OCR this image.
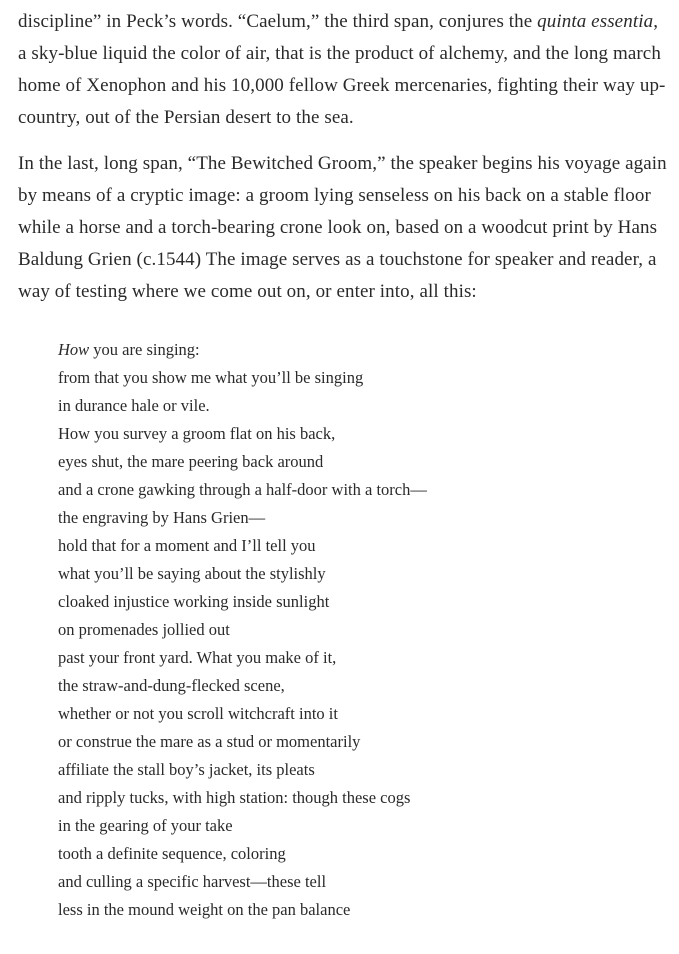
discipline” in Peck’s words. “Caelum,” the third span, conjures the quinta essentia, a sky-blue liquid the color of air, that is the product of alchemy, and the long march home of Xenophon and his 10,000 fellow Greek mercenaries, fighting their way up-country, out of the Persian desert to the sea.

In the last, long span, “The Bewitched Groom,” the speaker begins his voyage again by means of a cryptic image: a groom lying senseless on his back on a stable floor while a horse and a torch-bearing crone look on, based on a woodcut print by Hans Baldung Grien (c.1544) The image serves as a touchstone for speaker and reader, a way of testing where we come out on, or enter into, all this:

How you are singing:
from that you show me what you’ll be singing
in durance hale or vile.
How you survey a groom flat on his back,
eyes shut, the mare peering back around
and a crone gawking through a half-door with a torch—
the engraving by Hans Grien—
hold that for a moment and I’ll tell you
what you’ll be saying about the stylishly
cloaked injustice working inside sunlight
on promenades jollied out
past your front yard. What you make of it,
the straw-and-dung-flecked scene,
whether or not you scroll witchcraft into it
or construe the mare as a stud or momentarily
affiliate the stall boy’s jacket, its pleats
and ripply tucks, with high station: though these cogs
in the gearing of your take
tooth a definite sequence, coloring
and culling a specific harvest—these tell
less in the mound weight on the pan balance
